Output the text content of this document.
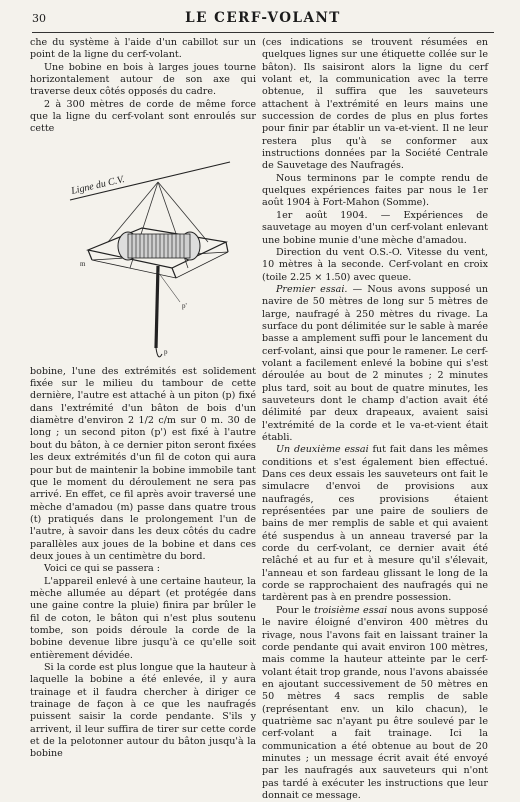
30	LE CERF-VOLANT

che du système à l'aide d'un cabillot sur un point de la ligne du cerf-volant.

Une bobine en bois à larges joues tourne horizontalement autour de son axe qui traverse deux côtés opposés du cadre.

2 à 300 mètres de corde de même force que la ligne du cerf-volant sont enroulés sur cette

Ligne du C.V.
m
p'
p

bobine, l'une des extrémités est solidement fixée sur le milieu du tambour de cette dernière, l'autre est attaché à un piton (p) fixé dans l'extrémité d'un bâton de bois d'un diamètre d'environ 2 1/2 c/m sur 0 m. 30 de long ; un second piton (p') est fixé à l'autre bout du bâton, à ce dernier piton seront fixées les deux extrémités d'un fil de coton qui aura pour but de maintenir la bobine immobile tant que le moment du déroulement ne sera pas arrivé. En effet, ce fil après avoir traversé une mèche d'amadou (m) passe dans quatre trous (t) pratiqués dans le prolongement l'un de l'autre, à savoir dans les deux côtés du cadre parallèles aux joues de la bobine et dans ces deux joues à un centimètre du bord.

Voici ce qui se passera :

L'appareil enlevé à une certaine hauteur, la mèche allumée au départ (et protégée dans une gaine contre la pluie) finira par brûler le fil de coton, le bâton qui n'est plus soutenu tombe, son poids déroule la corde de la bobine devenue libre jusqu'à ce qu'elle soit entièrement dévidée.

Si la corde est plus longue que la hauteur à laquelle la bobine a été enlevée, il y aura trainage et il faudra chercher à diriger ce trainage de façon à ce que les naufragés puissent saisir la corde pendante. S'ils y arrivent, il leur suffira de tirer sur cette corde et de la pelotonner autour du bâton jusqu'à la bobine

(ces indications se trouvent résumées en quelques lignes sur une étiquette collée sur le bâton). Ils saisiront alors la ligne du cerf volant et, la communication avec la terre obtenue, il suffira que les sauveteurs attachent à l'extrémité en leurs mains une succession de cordes de plus en plus fortes pour finir par établir un va-et-vient. Il ne leur restera plus qu'à se conformer aux instructions données par la Société Centrale de Sauvetage des Naufragés.

Nous terminons par le compte rendu de quelques expériences faites par nous le 1er août 1904 à Fort-Mahon (Somme).

1er août 1904. — Expériences de sauvetage au moyen d'un cerf-volant enlevant une bobine munie d'une mèche d'amadou.

Direction du vent O.S.-O. Vitesse du vent, 10 mètres à la seconde. Cerf-volant en croix (toile 2.25 × 1.50) avec queue.

Premier essai. — Nous avons supposé un navire de 50 mètres de long sur 5 mètres de large, naufragé à 250 mètres du rivage. La surface du pont délimitée sur le sable à marée basse a amplement suffi pour le lancement du cerf-volant, ainsi que pour le ramener. Le cerf-volant a facilement enlevé la bobine qui s'est déroulée au bout de 2 minutes ; 2 minutes plus tard, soit au bout de quatre minutes, les sauveteurs dont le champ d'action avait été délimité par deux drapeaux, avaient saisi l'extrémité de la corde et le va-et-vient était établi.

Un deuxième essai fut fait dans les mêmes conditions et s'est également bien effectué. Dans ces deux essais les sauveteurs ont fait le simulacre d'envoi de provisions aux naufragés, ces provisions étaient représentées par une paire de souliers de bains de mer remplis de sable et qui avaient été suspendus à un anneau traversé par la corde du cerf-volant, ce dernier avait été relâché et au fur et à mesure qu'il s'élevait, l'anneau et son fardeau glissant le long de la corde se rapprochaient des naufragés qui ne tardèrent pas à en prendre possession.

Pour le troisième essai nous avons supposé le navire éloigné d'environ 400 mètres du rivage, nous l'avons fait en laissant trainer la corde pendante qui avait environ 100 mètres, mais comme la hauteur atteinte par le cerf-volant était trop grande, nous l'avons abaissée en ajoutant successivement de 50 mètres en 50 mètres 4 sacs remplis de sable (représentant env. un kilo chacun), le quatrième sac n'ayant pu être soulevé par le cerf-volant a fait trainage. Ici la communication a été obtenue au bout de 20 minutes ; un message écrit avait été envoyé par les naufragés aux sauveteurs qui n'ont pas tardé à exécuter les instructions que leur donnait ce message.
